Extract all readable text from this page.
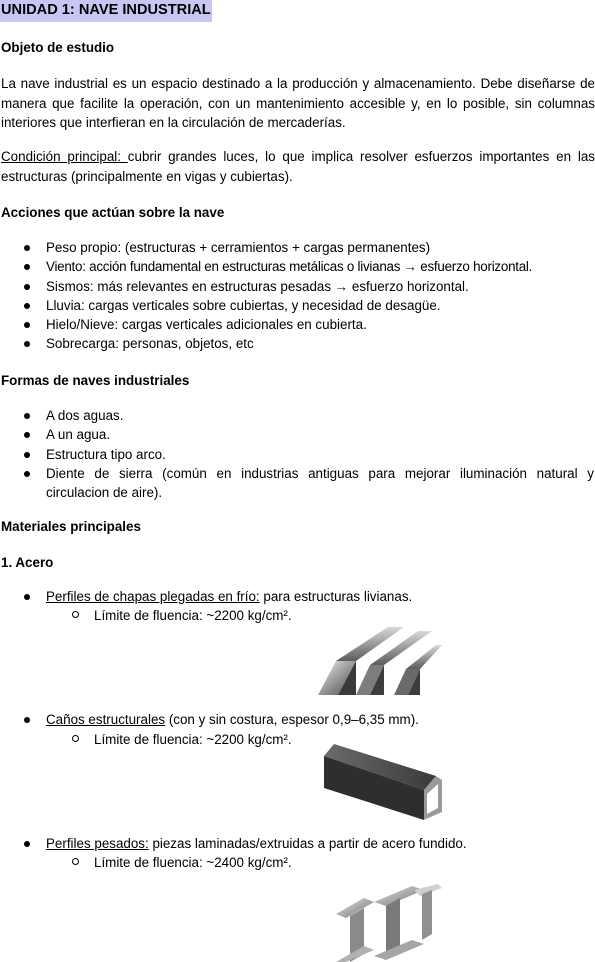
UNIDAD 1: NAVE INDUSTRIAL
Objeto de estudio
La nave industrial es un espacio destinado a la producción y almacenamiento. Debe diseñarse de manera que facilite la operación, con un mantenimiento accesible y, en lo posible, sin columnas interiores que interfieran en la circulación de mercaderías.
Condición principal: cubrir grandes luces, lo que implica resolver esfuerzos importantes en las estructuras (principalmente en vigas y cubiertas).
Acciones que actúan sobre la nave
Peso propio: (estructuras + cerramientos + cargas permanentes)
Viento: acción fundamental en estructuras metálicas o livianas → esfuerzo horizontal.
Sismos: más relevantes en estructuras pesadas → esfuerzo horizontal.
Lluvia: cargas verticales sobre cubiertas, y necesidad de desagüe.
Hielo/Nieve: cargas verticales adicionales en cubierta.
Sobrecarga: personas, objetos, etc
Formas de naves industriales
A dos aguas.
A un agua.
Estructura tipo arco.
Diente de sierra (común en industrias antiguas para mejorar iluminación natural y circulacion de aire).
Materiales principales
1. Acero
Perfiles de chapas plegadas en frío: para estructuras livianas.
Límite de fluencia: ~2200 kg/cm².
Caños estructurales (con y sin costura, espesor 0,9–6,35 mm).
Límite de fluencia: ~2200 kg/cm².
Perfiles pesados: piezas laminadas/extruidas a partir de acero fundido.
Límite de fluencia: ~2400 kg/cm².
